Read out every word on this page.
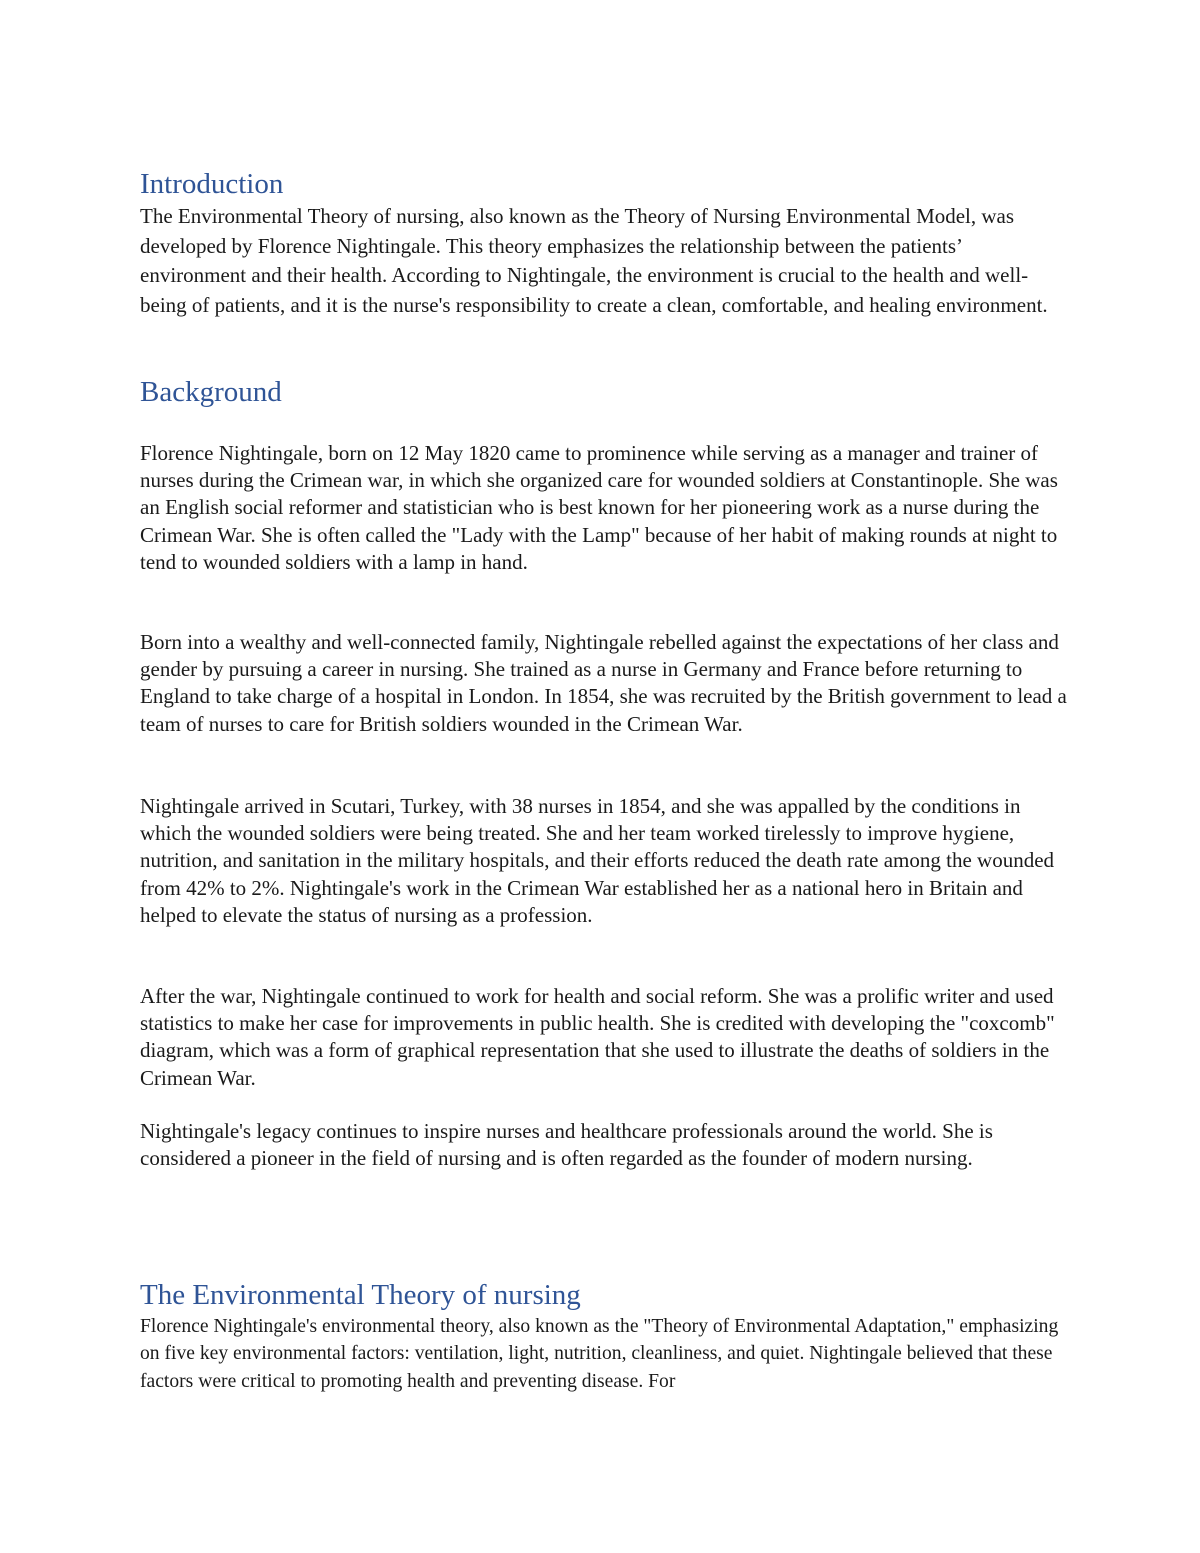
Introduction

The Environmental Theory of nursing, also known as the Theory of Nursing Environmental Model, was developed by Florence Nightingale. This theory emphasizes the relationship between the patients’ environment and their health. According to Nightingale, the environment is crucial to the health and well-being of patients, and it is the nurse's responsibility to create a clean, comfortable, and healing environment.

Background

Florence Nightingale, born on 12 May 1820 came to prominence while serving as a manager and trainer of nurses during the Crimean war, in which she organized care for wounded soldiers at Constantinople. She was an English social reformer and statistician who is best known for her pioneering work as a nurse during the Crimean War. She is often called the "Lady with the Lamp" because of her habit of making rounds at night to tend to wounded soldiers with a lamp in hand.

Born into a wealthy and well-connected family, Nightingale rebelled against the expectations of her class and gender by pursuing a career in nursing. She trained as a nurse in Germany and France before returning to England to take charge of a hospital in London. In 1854, she was recruited by the British government to lead a team of nurses to care for British soldiers wounded in the Crimean War.

Nightingale arrived in Scutari, Turkey, with 38 nurses in 1854, and she was appalled by the conditions in which the wounded soldiers were being treated. She and her team worked tirelessly to improve hygiene, nutrition, and sanitation in the military hospitals, and their efforts reduced the death rate among the wounded from 42% to 2%. Nightingale's work in the Crimean War established her as a national hero in Britain and helped to elevate the status of nursing as a profession.

After the war, Nightingale continued to work for health and social reform. She was a prolific writer and used statistics to make her case for improvements in public health. She is credited with developing the "coxcomb" diagram, which was a form of graphical representation that she used to illustrate the deaths of soldiers in the Crimean War.

Nightingale's legacy continues to inspire nurses and healthcare professionals around the world. She is considered a pioneer in the field of nursing and is often regarded as the founder of modern nursing.

The Environmental Theory of nursing

Florence Nightingale's environmental theory, also known as the "Theory of Environmental Adaptation," emphasizing on five key environmental factors: ventilation, light, nutrition, cleanliness, and quiet. Nightingale believed that these factors were critical to promoting health and preventing disease. For
